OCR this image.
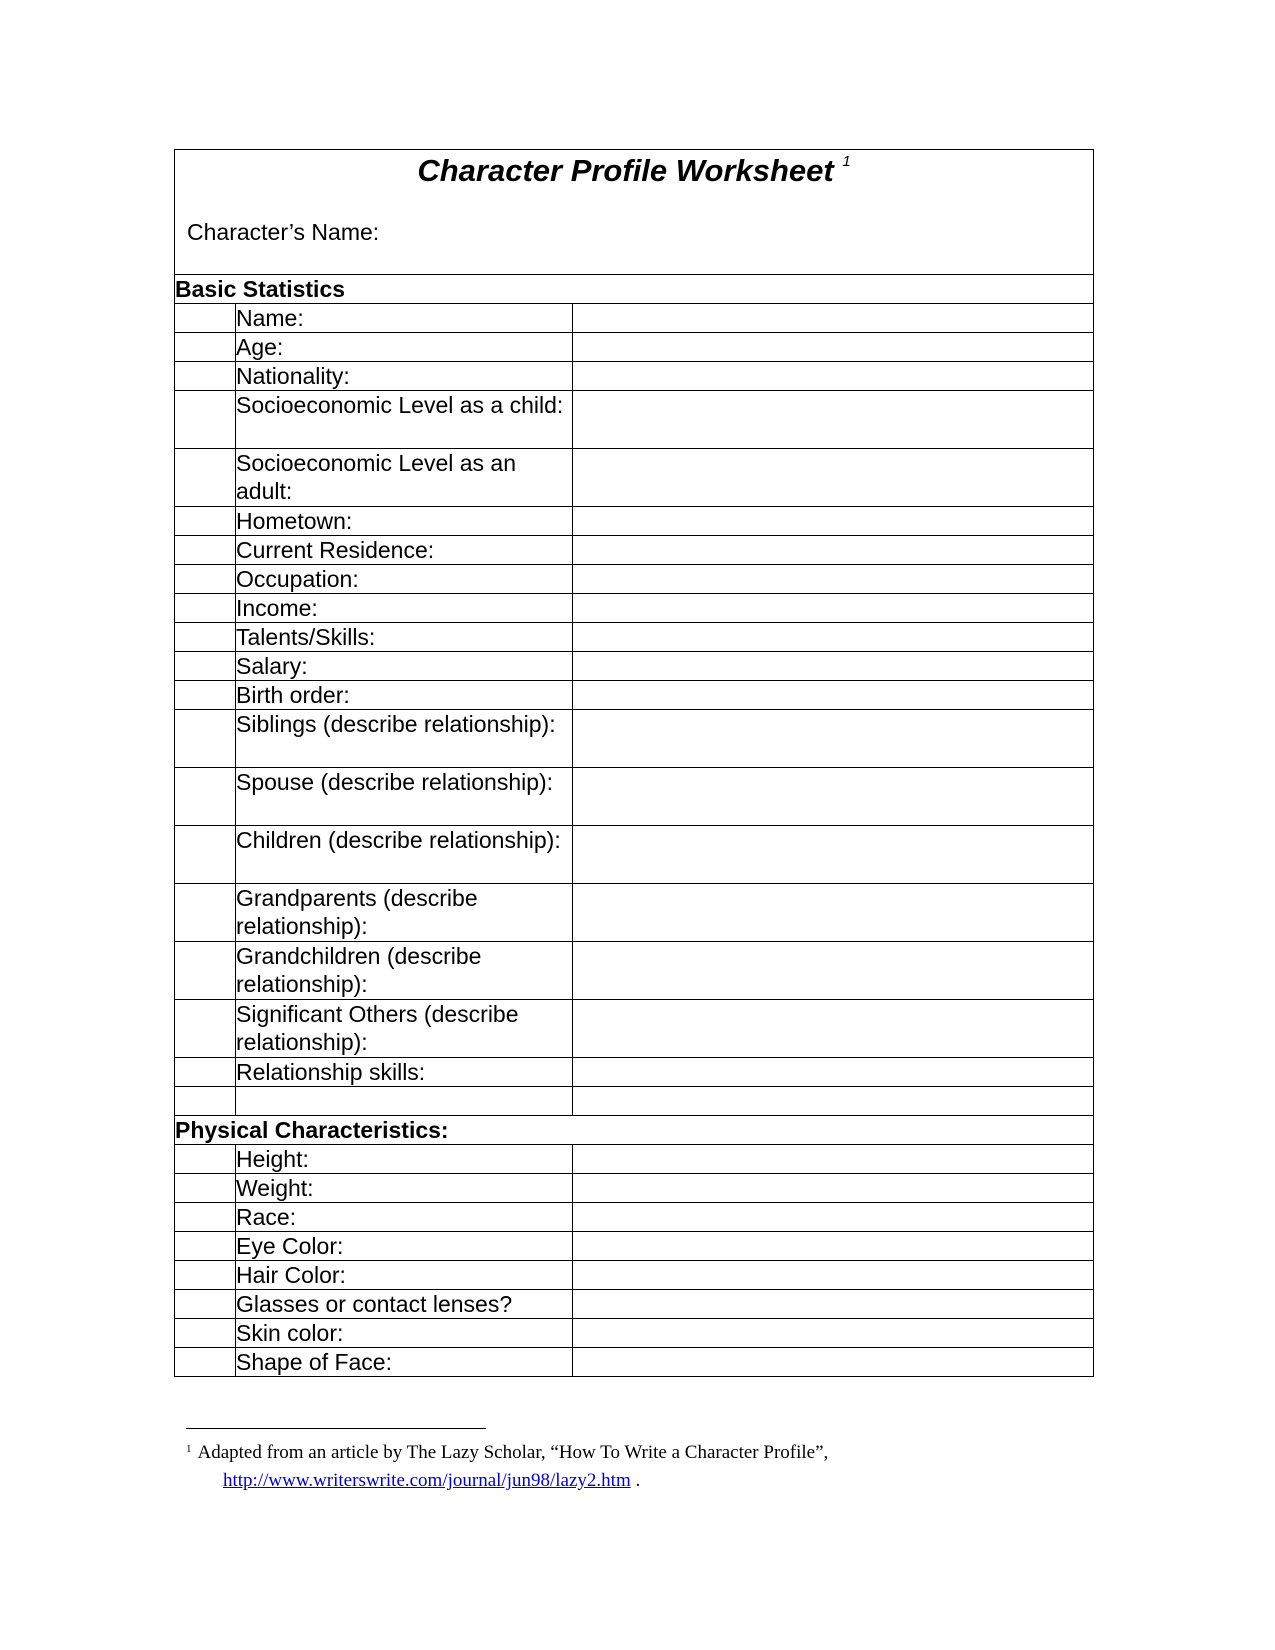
Character Profile Worksheet $^1$
Character’s Name:		

Basic Statistics		
	Name:	
	Age:	
	Nationality:	
	Socioeconomic Level as a child:	
	Socioeconomic Level as an adult:	
	Hometown:	
	Current Residence:	
	Occupation:	
	Income:	
	Talents/Skills:	
	Salary:	
	Birth order:	
	Siblings (describe relationship):	
	Spouse (describe relationship):	
	Children (describe relationship):	
	Grandparents (describe relationship):	
	Grandchildren (describe relationship):	
	Significant Others (describe relationship):	
	Relationship skills:	

Physical Characteristics:		
	Height:	
	Weight:	
	Race:	
	Eye Color:	
	Hair Color:	
	Glasses or contact lenses?	
	Skin color:	
	Shape of Face:	
$^1$ Adapted from an article by The Lazy Scholar, “How To Write a Character Profile”,
http://www.writerswrite.com/journal/jun98/lazy2.htm .
